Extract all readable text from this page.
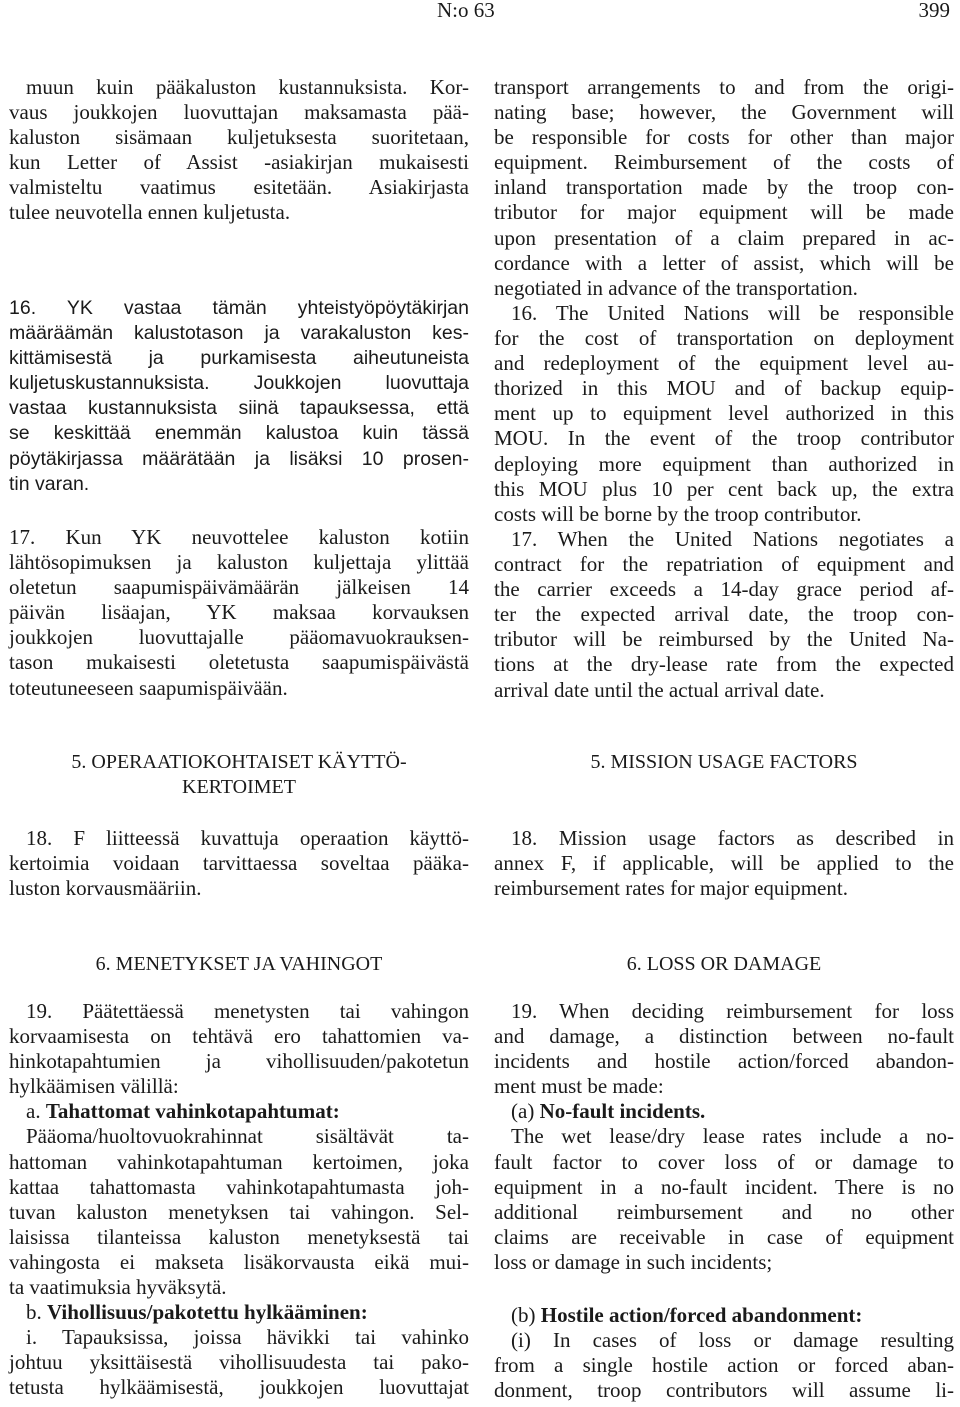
N:o 63	399
muun kuin pääkaluston kustannuksista. Kor-
vaus joukkojen luovuttajan maksamasta pää-
kaluston sisämaan kuljetuksesta suoritetaan,
kun Letter of Assist -asiakirjan mukaisesti
valmisteltu vaatimus esitetään. Asiakirjasta
tulee neuvotella ennen kuljetusta.
16. YK vastaa tämän yhteistyöpöytäkirjan
määräämän kalustotason ja varakaluston kes-
kittämisestä ja purkamisesta aiheutuneista
kuljetuskustannuksista. Joukkojen luovuttaja
vastaa kustannuksista siinä tapauksessa, että
se keskittää enemmän kalustoa kuin tässä
pöytäkirjassa määrätään ja lisäksi 10 prosen-
tin varan.
17. Kun YK neuvottelee kaluston kotiin
lähtösopimuksen ja kaluston kuljettaja ylittää
oletetun saapumispäivämäärän jälkeisen 14
päivän lisäajan, YK maksaa korvauksen
joukkojen luovuttajalle pääomavuokrauksen-
tason mukaisesti oletetusta saapumispäivästä
toteutuneeseen saapumispäivään.
5. OPERAATIOKOHTAISET KÄYTTÖ-
KERTOIMET
18. F liitteessä kuvattuja operaation käyttö-
kertoimia voidaan tarvittaessa soveltaa pääka-
luston korvausmääriin.
6. MENETYKSET JA VAHINGOT
19. Päätettäessä menetysten tai vahingon
korvaamisesta on tehtävä ero tahattomien va-
hinkotapahtumien ja vihollisuuden/pakotetun
hylkäämisen välillä:
a. Tahattomat vahinkotapahtumat:
Pääoma/huoltovuokrahinnat sisältävät ta-
hattoman vahinkotapahtuman kertoimen, joka
kattaa tahattomasta vahinkotapahtumasta joh-
tuvan kaluston menetyksen tai vahingon. Sel-
laisissa tilanteissa kaluston menetyksestä tai
vahingosta ei makseta lisäkorvausta eikä mui-
ta vaatimuksia hyväksytä.
b. Vihollisuus/pakotettu hylkääminen:
i. Tapauksissa, joissa hävikki tai vahinko
johtuu yksittäisestä vihollisuudesta tai pako-
tetusta hylkäämisestä, joukkojen luovuttajat
transport arrangements to and from the origi-
nating base; however, the Government will
be responsible for costs for other than major
equipment. Reimbursement of the costs of
inland transportation made by the troop con-
tributor for major equipment will be made
upon presentation of a claim prepared in ac-
cordance with a letter of assist, which will be
negotiated in advance of the transportation.
16. The United Nations will be responsible
for the cost of transportation on deployment
and redeployment of the equipment level au-
thorized in this MOU and of backup equip-
ment up to equipment level authorized in this
MOU. In the event of the troop contributor
deploying more equipment than authorized in
this MOU plus 10 per cent back up, the extra
costs will be borne by the troop contributor.
17. When the United Nations negotiates a
contract for the repatriation of equipment and
the carrier exceeds a 14-day grace period af-
ter the expected arrival date, the troop con-
tributor will be reimbursed by the United Na-
tions at the dry-lease rate from the expected
arrival date until the actual arrival date.
5. MISSION USAGE FACTORS
18. Mission usage factors as described in
annex F, if applicable, will be applied to the
reimbursement rates for major equipment.
6. LOSS OR DAMAGE
19. When deciding reimbursement for loss
and damage, a distinction between no-fault
incidents and hostile action/forced abandon-
ment must be made:
(a) No-fault incidents.
The wet lease/dry lease rates include a no-
fault factor to cover loss of or damage to
equipment in a no-fault incident. There is no
additional reimbursement and no other
claims are receivable in case of equipment
loss or damage in such incidents;
(b) Hostile action/forced abandonment:
(i) In cases of loss or damage resulting
from a single hostile action or forced aban-
donment, troop contributors will assume li-
